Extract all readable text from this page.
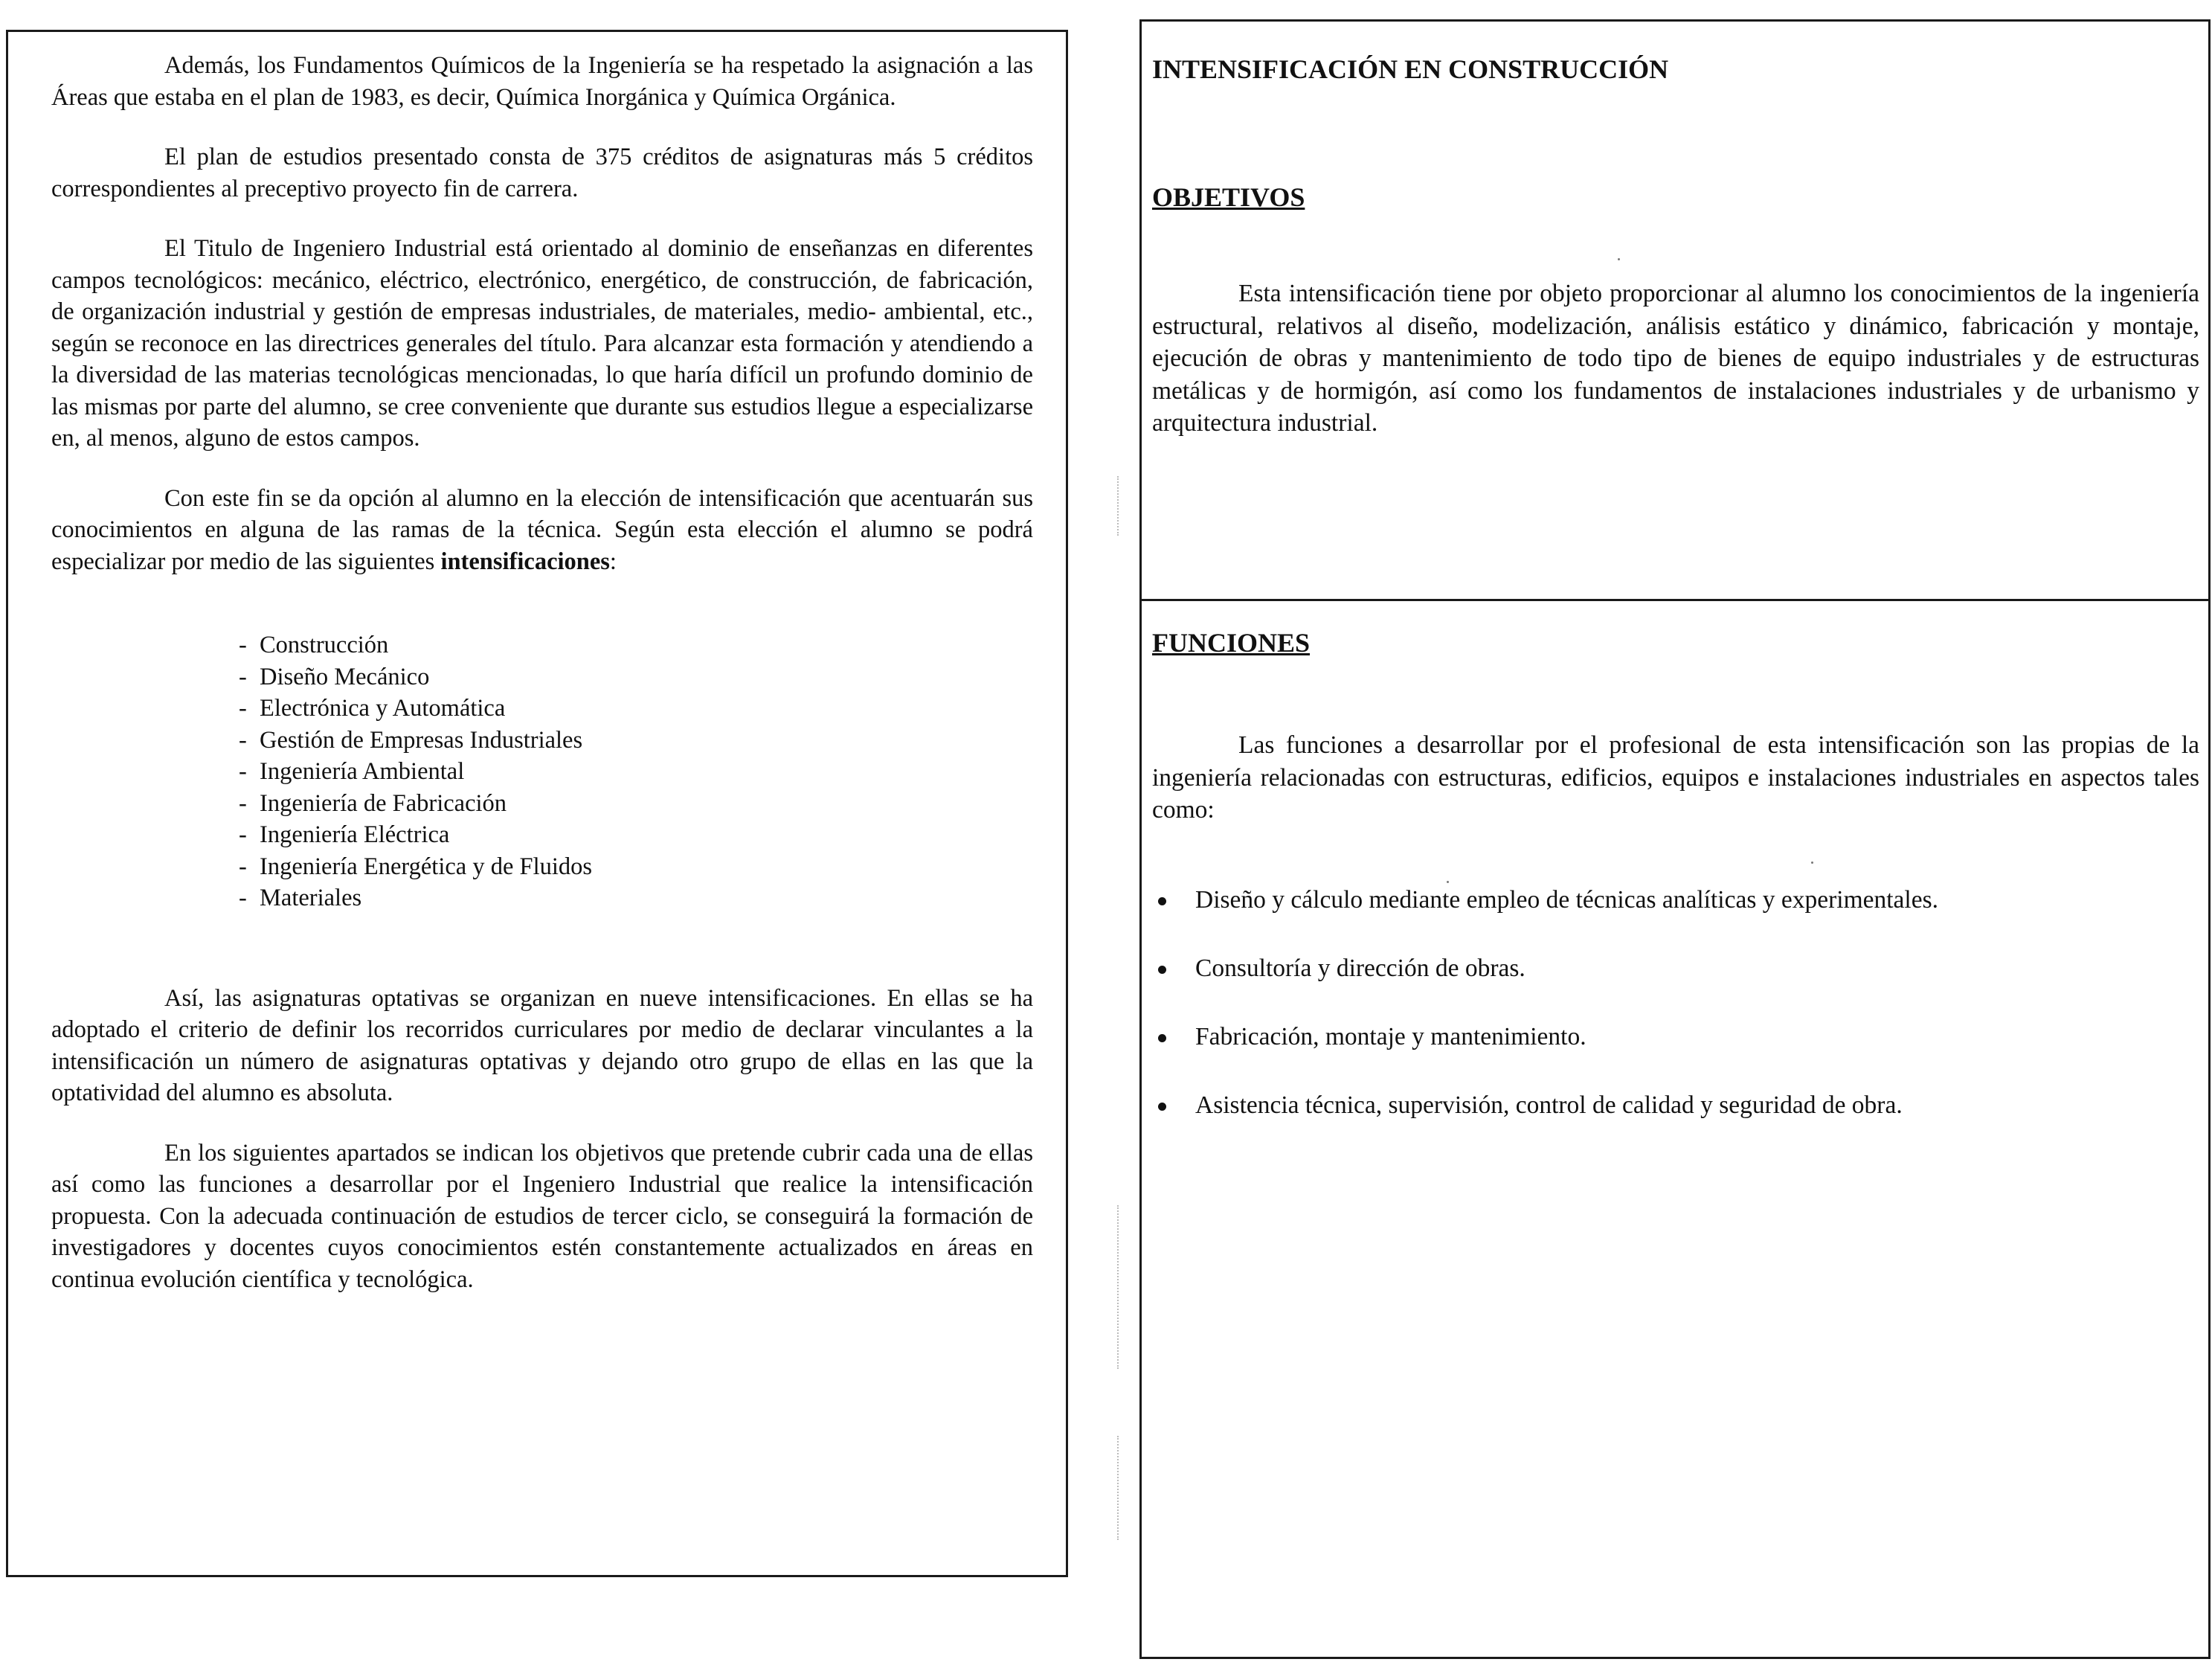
Además, los Fundamentos Químicos de la Ingeniería se ha respetado la asignación a las Áreas que estaba en el plan de 1983, es decir, Química Inorgánica y Química Orgánica.

El plan de estudios presentado consta de 375 créditos de asignaturas más 5 créditos correspondientes al preceptivo proyecto fin de carrera.

El Titulo de Ingeniero Industrial está orientado al dominio de enseñanzas en diferentes campos tecnológicos: mecánico, eléctrico, electrónico, energético, de construcción, de fabricación, de organización industrial y gestión de empresas industriales, de materiales, medio- ambiental, etc., según se reconoce en las directrices generales del título. Para alcanzar esta formación y atendiendo a la diversidad de las materias tecnológicas mencionadas, lo que haría difícil un profundo dominio de las mismas por parte del alumno, se cree conveniente que durante sus estudios llegue a especializarse en, al menos, alguno de estos campos.

Con este fin se da opción al alumno en la elección de intensificación que acentuarán sus conocimientos en alguna de las ramas de la técnica. Según esta elección el alumno se podrá especializar por medio de las siguientes intensificaciones:

- Construcción
- Diseño Mecánico
- Electrónica y Automática
- Gestión de Empresas Industriales
- Ingeniería Ambiental
- Ingeniería de Fabricación
- Ingeniería Eléctrica
- Ingeniería Energética y de Fluidos
- Materiales

Así, las asignaturas optativas se organizan en nueve intensificaciones. En ellas se ha adoptado el criterio de definir los recorridos curriculares por medio de declarar vinculantes a la intensificación un número de asignaturas optativas y dejando otro grupo de ellas en las que la optatividad del alumno es absoluta.

En los siguientes apartados se indican los objetivos que pretende cubrir cada una de ellas así como las funciones a desarrollar por el Ingeniero Industrial que realice la intensificación propuesta. Con la adecuada continuación de estudios de tercer ciclo, se conseguirá la formación de investigadores y docentes cuyos conocimientos estén constantemente actualizados en áreas en continua evolución científica y tecnológica.

INTENSIFICACIÓN EN CONSTRUCCIÓN
OBJETIVOS

Esta intensificación tiene por objeto proporcionar al alumno los conocimientos de la ingeniería estructural, relativos al diseño, modelización, análisis estático y dinámico, fabricación y montaje, ejecución de obras y mantenimiento de todo tipo de bienes de equipo industriales y de estructuras metálicas y de hormigón, así como los fundamentos de instalaciones industriales y de urbanismo y arquitectura industrial.

FUNCIONES

Las funciones a desarrollar por el profesional de esta intensificación son las propias de la ingeniería relacionadas con estructuras, edificios, equipos e instalaciones industriales en aspectos tales como:

Diseño y cálculo mediante empleo de técnicas analíticas y experimentales.
Consultoría y dirección de obras.
Fabricación, montaje y mantenimiento.
Asistencia técnica, supervisión, control de calidad y seguridad de obra.
